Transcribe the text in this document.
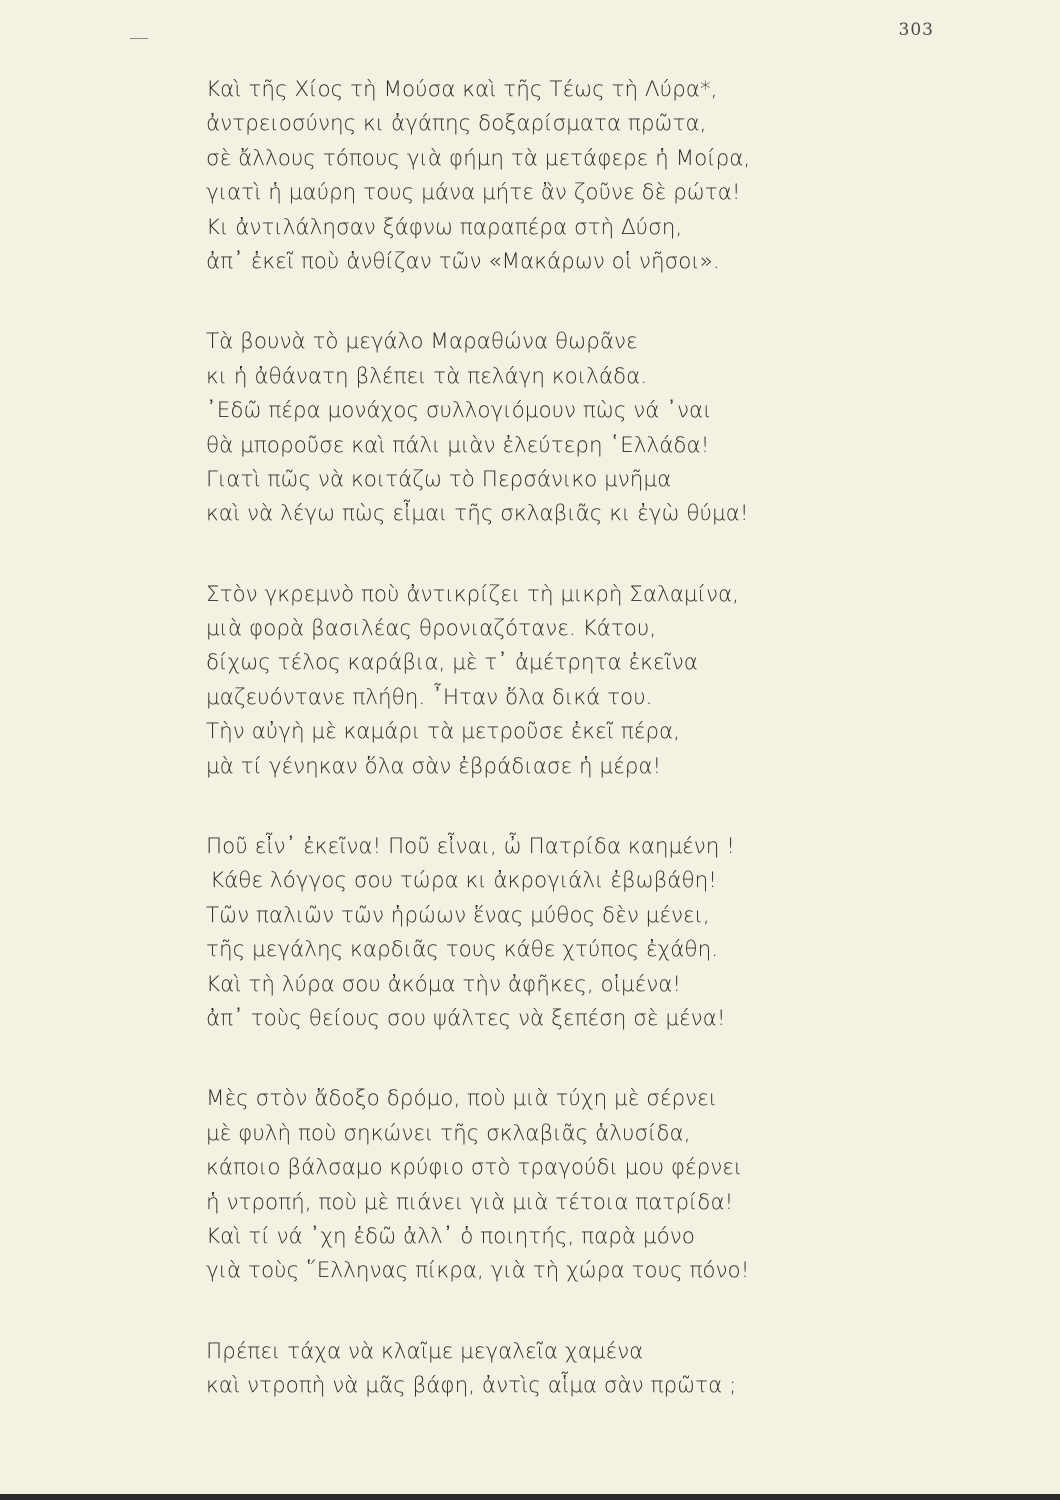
303
Καὶ τῆς Χίος τὴ Μούσα καὶ τῆς Τέως τὴ Λύρα*,
ἀντρειοσύνης κι ἀγάπης δοξαρίσματα πρῶτα,
σὲ ἄλλους τόπους γιὰ φήμη τὰ μετάφερε ἡ Μοίρα,
γιατὶ ἡ μαύρη τους μάνα μήτε ἂν ζοῦνε δὲ ρώτα!
Κι ἀντιλάλησαν ξάφνω παραπέρα στὴ Δύση,
ἀπ᾿ ἐκεῖ ποὺ ἀνθίζαν τῶν «Μακάρων οἱ νῆσοι».
Τὰ βουνὰ τὸ μεγάλο Μαραθώνα θωρᾶνε
κι ἡ ἀθάνατη βλέπει τὰ πελάγη κοιλάδα.
᾿Εδῶ πέρα μονάχος συλλογιόμουν πὼς νά ᾿ναι
θὰ μποροῦσε καὶ πάλι μιὰν ἐλεύτερη ῾Ελλάδα!
Γιατὶ πῶς νὰ κοιτάζω τὸ Περσάνικο μνῆμα
καὶ νὰ λέγω πὼς εἶμαι τῆς σκλαβιᾶς κι ἐγὼ θύμα!
Στὸν γκρεμνὸ ποὺ ἀντικρίζει τὴ μικρὴ Σαλαμίνα,
μιὰ φορὰ βασιλέας θρονιαζότανε. Κάτου,
δίχως τέλος καράβια, μὲ τ᾿ ἀμέτρητα ἐκεῖνα
μαζευόντανε πλήθη. ῏Ηταν ὅλα δικά του.
Τὴν αὐγὴ μὲ καμάρι τὰ μετροῦσε ἐκεῖ πέρα,
μὰ τί γένηκαν ὅλα σὰν ἐβράδιασε ἡ μέρα!
Ποῦ εἶν᾿ ἐκεῖνα! Ποῦ εἶναι, ὦ Πατρίδα καημένη !
Κάθε λόγγος σου τώρα κι ἀκρογιάλι ἐβωβάθη!
Τῶν παλιῶν τῶν ἡρώων ἕνας μύθος δὲν μένει,
τῆς μεγάλης καρδιᾶς τους κάθε χτύπος ἐχάθη.
Καὶ τὴ λύρα σου ἀκόμα τὴν ἀφῆκες, οἰμένα!
ἀπ᾿ τοὺς θείους σου ψάλτες νὰ ξεπέση σὲ μένα!
Μὲς στὸν ἄδοξο δρόμο, ποὺ μιὰ τύχη μὲ σέρνει
μὲ φυλὴ ποὺ σηκώνει τῆς σκλαβιᾶς ἁλυσίδα,
κάποιο βάλσαμο κρύφιο στὸ τραγούδι μου φέρνει
ἡ ντροπή, ποὺ μὲ πιάνει γιὰ μιὰ τέτοια πατρίδα!
Καὶ τί νά ᾿χη ἐδῶ ἀλλ᾿ ὁ ποιητής, παρὰ μόνο
γιὰ τοὺς ῞Ελληνας πίκρα, γιὰ τὴ χώρα τους πόνο!
Πρέπει τάχα νὰ κλαῖμε μεγαλεῖα χαμένα
καὶ ντροπὴ νὰ μᾶς βάφη, ἀντὶς αἷμα σὰν πρῶτα ;
